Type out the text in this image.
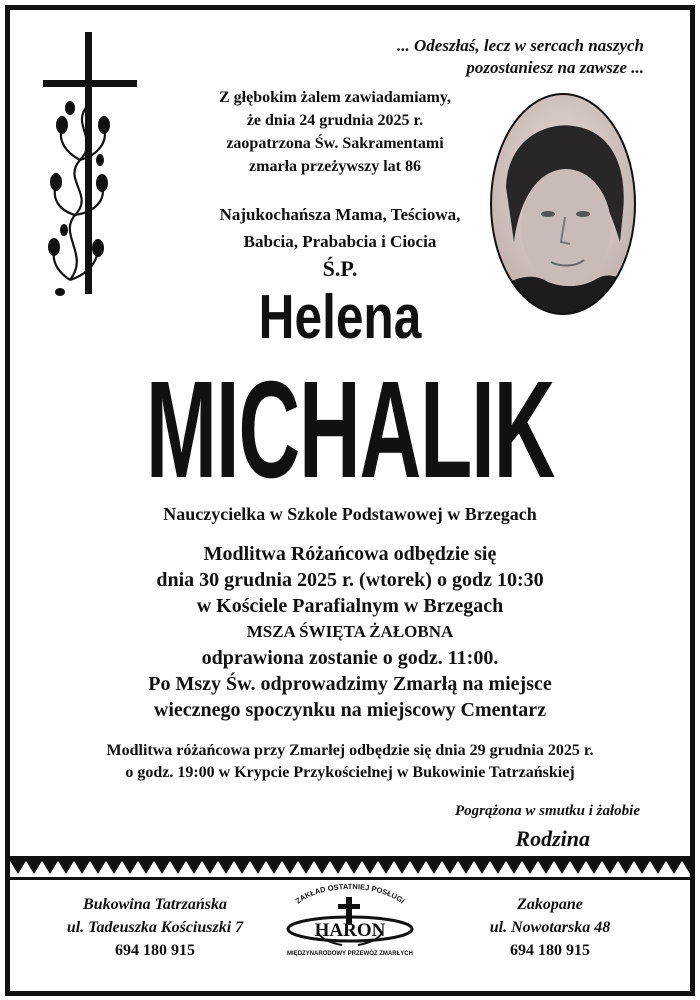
... Odeszłaś, lecz w sercach naszych
pozostaniesz na zawsze ...
Z głębokim żalem zawiadamiamy,
że dnia 24 grudnia 2025 r.
zaopatrzona Św. Sakramentami
zmarła przeżywszy lat 86
Najukochańsza Mama, Teściowa,
Babcia, Prababcia i Ciocia
Ś.P.
Helena
MICHALIK
Nauczycielka w Szkole Podstawowej w Brzegach
Modlitwa Różańcowa odbędzie się
dnia 30 grudnia 2025 r. (wtorek) o godz 10:30
w Kościele Parafialnym w Brzegach
MSZA ŚWIĘTA ŻAŁOBNA
odprawiona zostanie o godz. 11:00.
Po Mszy Św. odprowadzimy Zmarłą na miejsce
wiecznego spoczynku na miejscowy Cmentarz
Modlitwa różańcowa przy Zmarłej odbędzie się dnia 29 grudnia 2025 r.
o godz. 19:00 w Krypcie Przykościelnej w Bukowinie Tatrzańskiej
Pogrążona w smutku i żałobie
Rodzina
Bukowina Tatrzańska
ul. Tadeuszka Kościuszki 7
694 180 915
ZAKŁAD OSTATNIEJ POSŁUGI
HARON
MIĘDZYNARODOWY PRZEWÓZ ZMARŁYCH
Zakopane
ul. Nowotarska 48
694 180 915
